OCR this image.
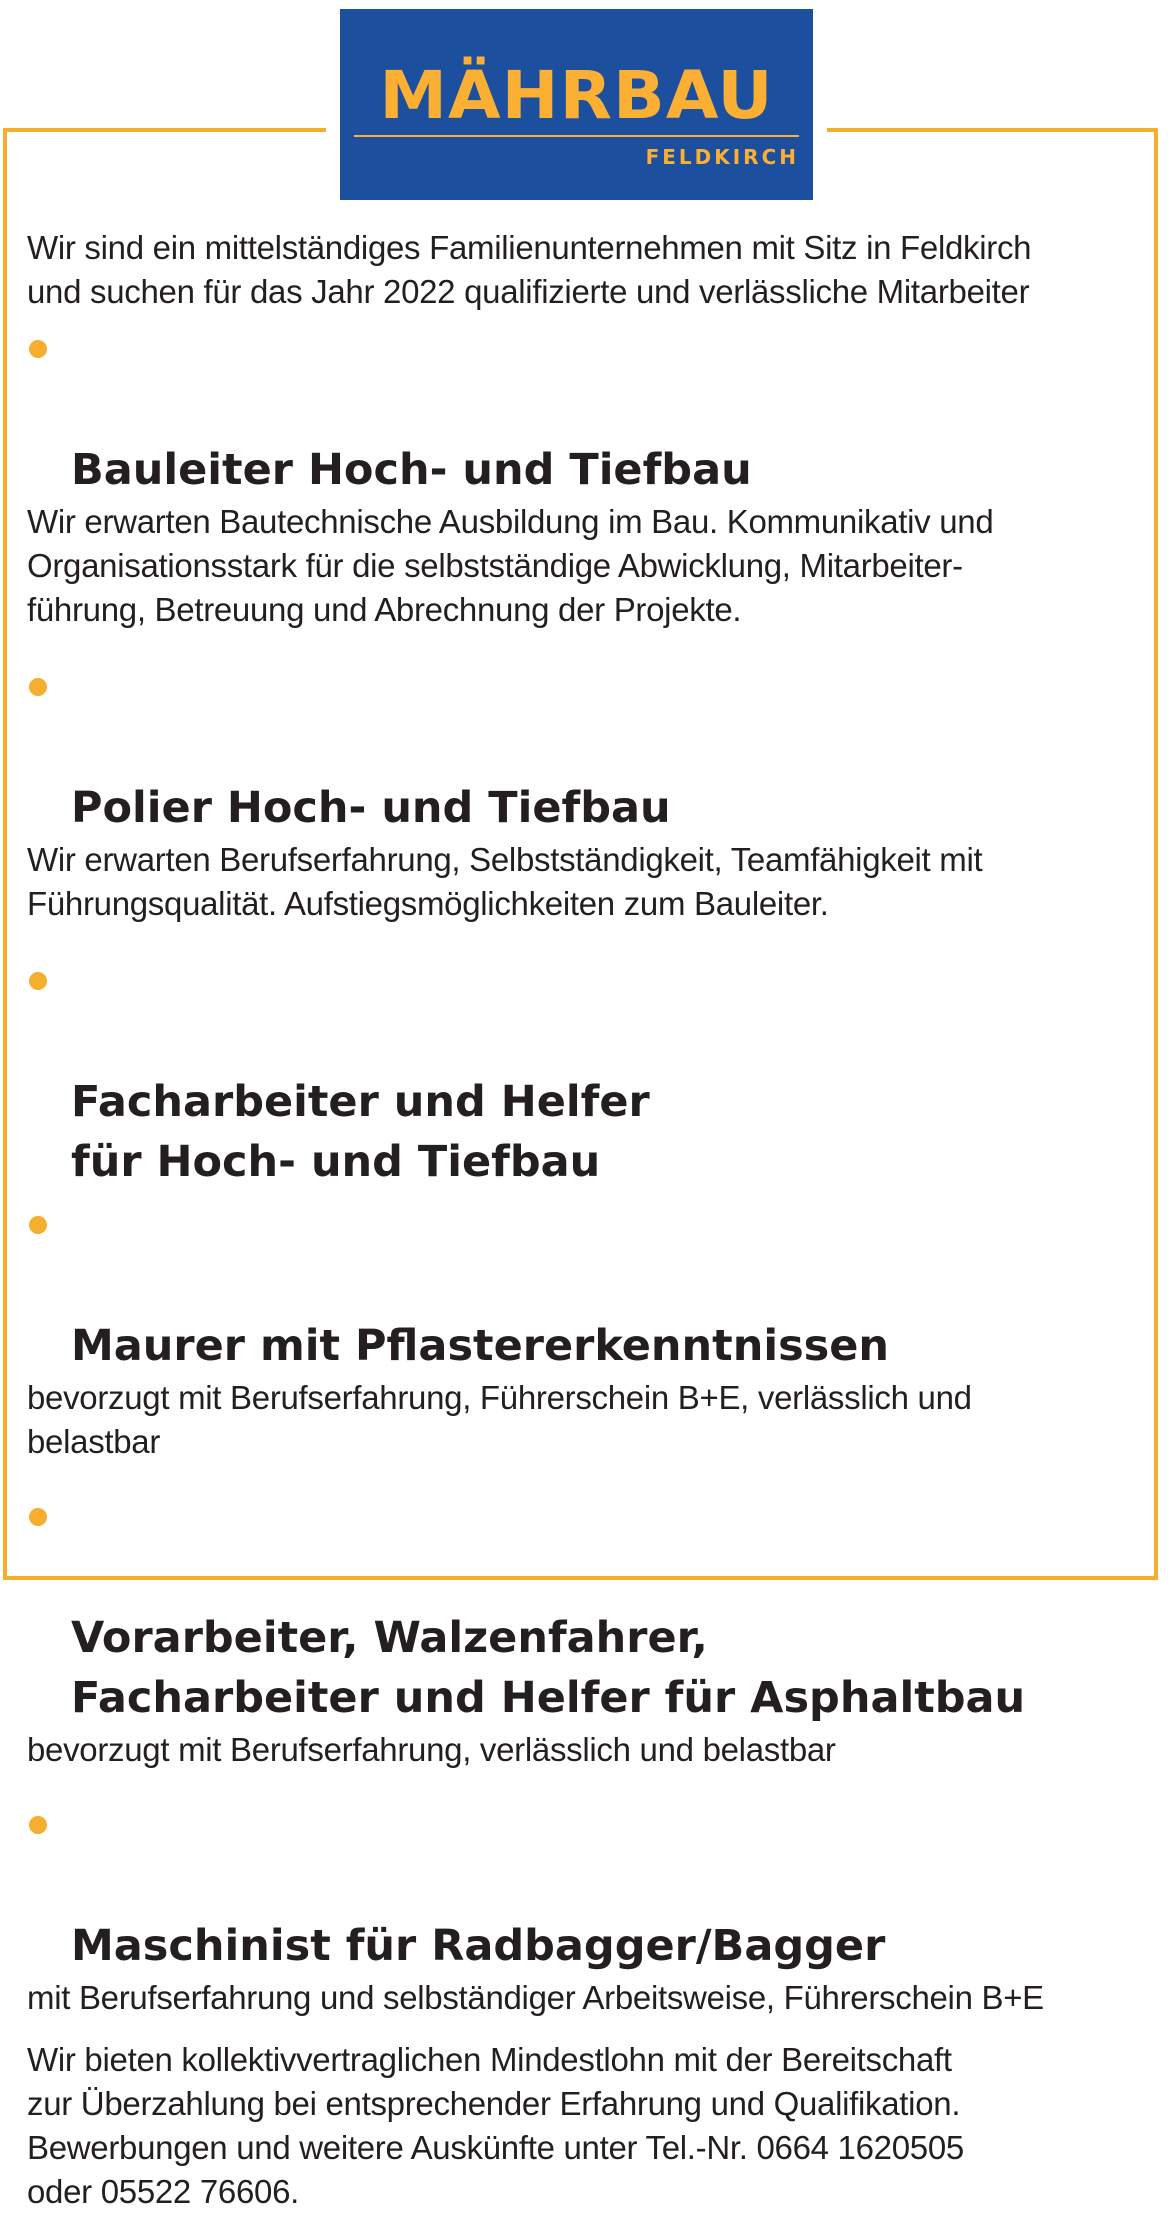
MÄHRBAU
FELDKIRCH
Wir sind ein mittelständiges Familienunternehmen mit Sitz in Feldkirch
und suchen für das Jahr 2022 qualifizierte und verlässliche Mitarbeiter

Bauleiter Hoch- und Tiefbau

Wir erwarten Bautechnische Ausbildung im Bau. Kommunikativ und
Organisationsstark für die selbstständige Abwicklung, Mitarbeiter-
führung, Betreuung und Abrechnung der Projekte.

Polier Hoch- und Tiefbau

Wir erwarten Berufserfahrung, Selbstständigkeit, Teamfähigkeit mit
Führungsqualität. Aufstiegsmöglichkeiten zum Bauleiter.

Facharbeiter und Helfer
für Hoch- und Tiefbau

Maurer mit Pflastererkenntnissen

bevorzugt mit Berufserfahrung, Führerschein B+E, verlässlich und
belastbar

Vorarbeiter, Walzenfahrer,
Facharbeiter und Helfer für Asphaltbau

bevorzugt mit Berufserfahrung, verlässlich und belastbar

Maschinist für Radbagger/Bagger

mit Berufserfahrung und selbständiger Arbeitsweise, Führerschein B+E
Wir bieten kollektivvertraglichen Mindestlohn mit der Bereitschaft
zur Überzahlung bei entsprechender Erfahrung und Qualifikation.
Bewerbungen und weitere Auskünfte unter Tel.-Nr. 0664 1620505
oder 05522 76606.
